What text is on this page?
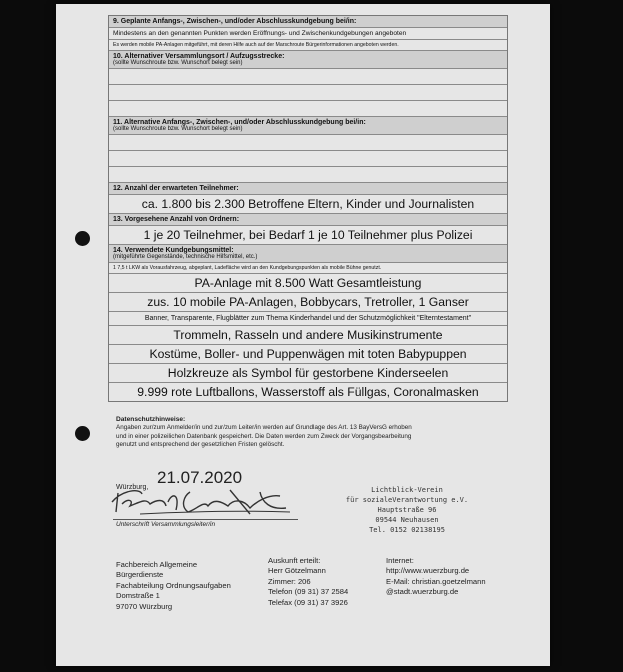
9. Geplante Anfangs-, Zwischen-, und/oder Abschlusskundgebung bei/in:
Mindestens an den genannten Punkten werden Eröffnungs- und Zwischenkundgebungen angeboten
Es werden mobile PA-Anlagen mitgeführt, mit deren Hilfe auch auf der Marschroute Bürgerinformationen angeboten werden.
10. Alternativer Versammlungsort / Aufzugsstrecke:
(sollte Wunschroute bzw. Wunschort belegt sein)
11. Alternative Anfangs-, Zwischen-, und/oder Abschlusskundgebung bei/in:
(sollte Wunschroute bzw. Wunschort belegt sein)
12. Anzahl der erwarteten Teilnehmer:
ca. 1.800 bis 2.300 Betroffene Eltern, Kinder und Journalisten
13. Vorgesehene Anzahl von Ordnern:
1 je 20 Teilnehmer, bei Bedarf 1 je 10 Teilnehmer plus Polizei
14. Verwendete Kundgebungsmittel:
(mitgeführte Gegenstände, technische Hilfsmittel, etc.)
1 7,5 t LKW als Vorausfahrzeug, abgeplant, Ladefläche wird an den Kundgebungspunkten als mobile Bühne genutzt.
PA-Anlage mit 8.500 Watt Gesamtleistung
zus. 10 mobile PA-Anlagen, Bobbycars, Tretroller, 1 Ganser
Banner, Transparente, Flugblätter zum Thema Kinderhandel und der Schutzmöglichkeit "Elterntestament"
Trommeln, Rasseln und andere Musikinstrumente
Kostüme, Boller- und Puppenwägen mit toten Babypuppen
Holzkreuze als Symbol für gestorbene Kinderseelen
9.999 rote Luftballons, Wasserstoff als Füllgas, Coronalmasken
Datenschutzhinweise:
Angaben zur/zum Anmelder/in und zur/zum Leiter/in werden auf Grundlage des Art. 13 BayVersG erhoben
und in einer polizeilichen Datenbank gespeichert. Die Daten werden zum Zweck der Vorgangsbearbeitung
genutzt und entsprechend der gesetzlichen Fristen gelöscht.
Würzburg,
21.07.2020
Unterschrift Versammlungsleiter/in
Lichtblick-Verein
für sozialeVerantwortung e.V.
Hauptstraße 96
09544 Neuhausen
Tel. 0152 02138195
Fachbereich Allgemeine
Bürgerdienste
Fachabteilung Ordnungsaufgaben
Domstraße 1
97070 Würzburg
Auskunft erteilt:
Herr Götzelmann
Zimmer: 206
Telefon (09 31) 37 2584
Telefax (09 31) 37 3926
Internet:
http://www.wuerzburg.de
E-Mail: christian.goetzelmann
@stadt.wuerzburg.de
